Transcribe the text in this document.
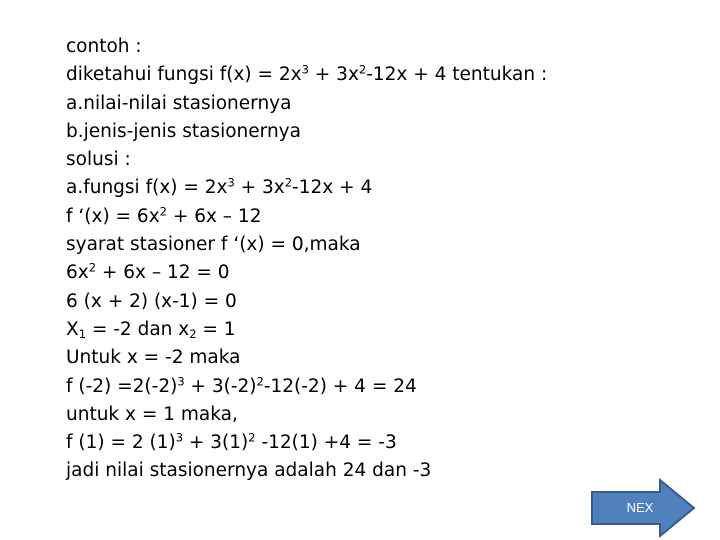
contoh :
diketahui fungsi $f(x) = 2x^3 + 3x^2-12x + 4$ tentukan :
a.nilai-nilai stasionernya
b.jenis-jenis stasionernya
solusi :
a.fungsi $f(x) = 2x^3 + 3x^2-12x + 4$
f ‘$(x) = 6x^2 + 6x - 12$
syarat stasioner f ‘(x) = 0,maka
$6x^2 + 6x - 12 = 0$
6 (x + 2) (x-1) = 0
$X_1 = -2$ dan $x_2 = 1$
Untuk x = -2 maka
f $(-2) =2(-2)^3 + 3(-2)^2-12(-2) + 4 = 24$
untuk x = 1 maka,
f (1) = 2 $(1)^3 + 3(1)^2$ -12(1) +4 = -3
jadi nilai stasionernya adalah 24 dan -3
NEX
